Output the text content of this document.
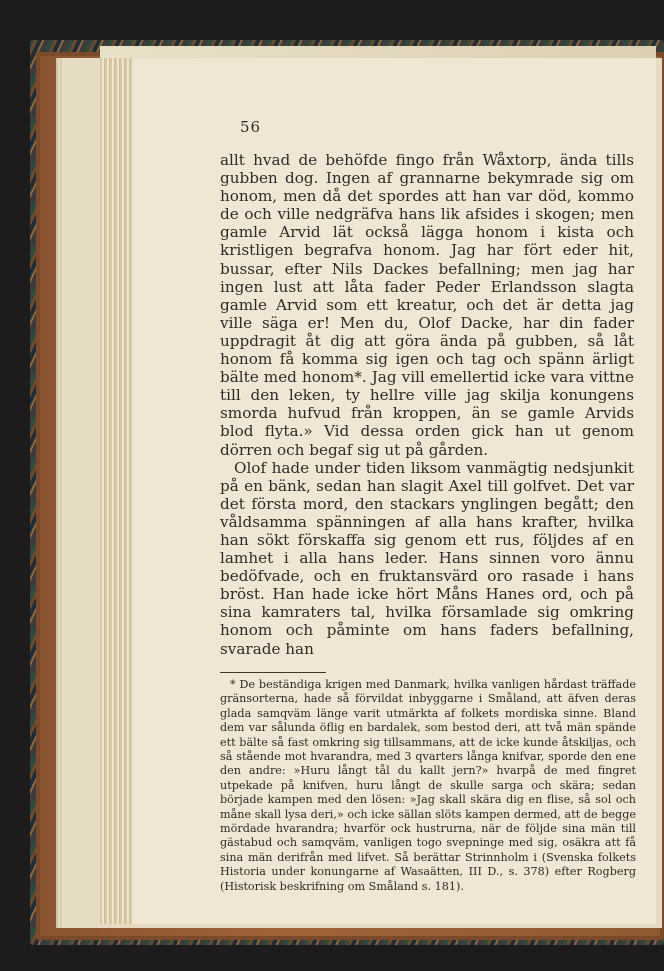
56

allt hvad de behöfde fingo från Wåxtorp, ända tills gubben dog. Ingen af grannarne bekymrade sig om honom, men då det spordes att han var död, kommo de och ville nedgräfva hans lik afsides i skogen; men gamle Arvid lät också lägga honom i kista och kristligen begrafva honom. Jag har fört eder hit, bussar, efter Nils Dackes befallning; men jag har ingen lust att låta fader Peder Erlandsson slagta gamle Arvid som ett kreatur, och det är detta jag ville säga er! Men du, Olof Dacke, har din fader uppdragit åt dig att göra ända på gubben, så låt honom få komma sig igen och tag och spänn ärligt bälte med honom*. Jag vill emellertid icke vara vittne till den leken, ty hellre ville jag skilja konungens smorda hufvud från kroppen, än se gamle Arvids blod flyta.» Vid dessa orden gick han ut genom dörren och begaf sig ut på gården.

Olof hade under tiden liksom vanmägtig nedsjunkit på en bänk, sedan han slagit Axel till golfvet. Det var det första mord, den stackars ynglingen begått; den våldsamma spänningen af alla hans krafter, hvilka han sökt förskaffa sig genom ett rus, följdes af en lamhet i alla hans leder. Hans sinnen voro ännu bedöfvade, och en fruktansvärd oro rasade i hans bröst. Han hade icke hört Måns Hanes ord, och på sina kamraters tal, hvilka församlade sig omkring honom och påminte om hans faders befallning, svarade han

* De beständiga krigen med Danmark, hvilka vanligen hårdast träffade gränsorterna, hade så förvildat inbyggarne i Småland, att äfven deras glada samqväm länge varit utmärkta af folkets mordiska sinne. Bland dem var sålunda öflig en bardalek, som bestod deri, att två män spände ett bälte så fast omkring sig tillsammans, att de icke kunde åtskiljas, och så stående mot hvarandra, med 3 qvarters långa knifvar, sporde den ene den andre: »Huru långt tål du kallt jern?» hvarpå de med fingret utpekade på knifven, huru långt de skulle sarga och skära; sedan började kampen med den lösen: »Jag skall skära dig en flise, så sol och måne skall lysa deri,» och icke sällan slöts kampen dermed, att de begge mördade hvarandra; hvarför ock hustrurna, när de följde sina män till gästabud och samqväm, vanligen togo svepninge med sig, osäkra att få sina män derifrån med lifvet. Så berättar Strinnholm i (Svenska folkets Historia under konungarne af Wasaätten, III D., s. 378) efter Rogberg (Historisk beskrifning om Småland s. 181).
